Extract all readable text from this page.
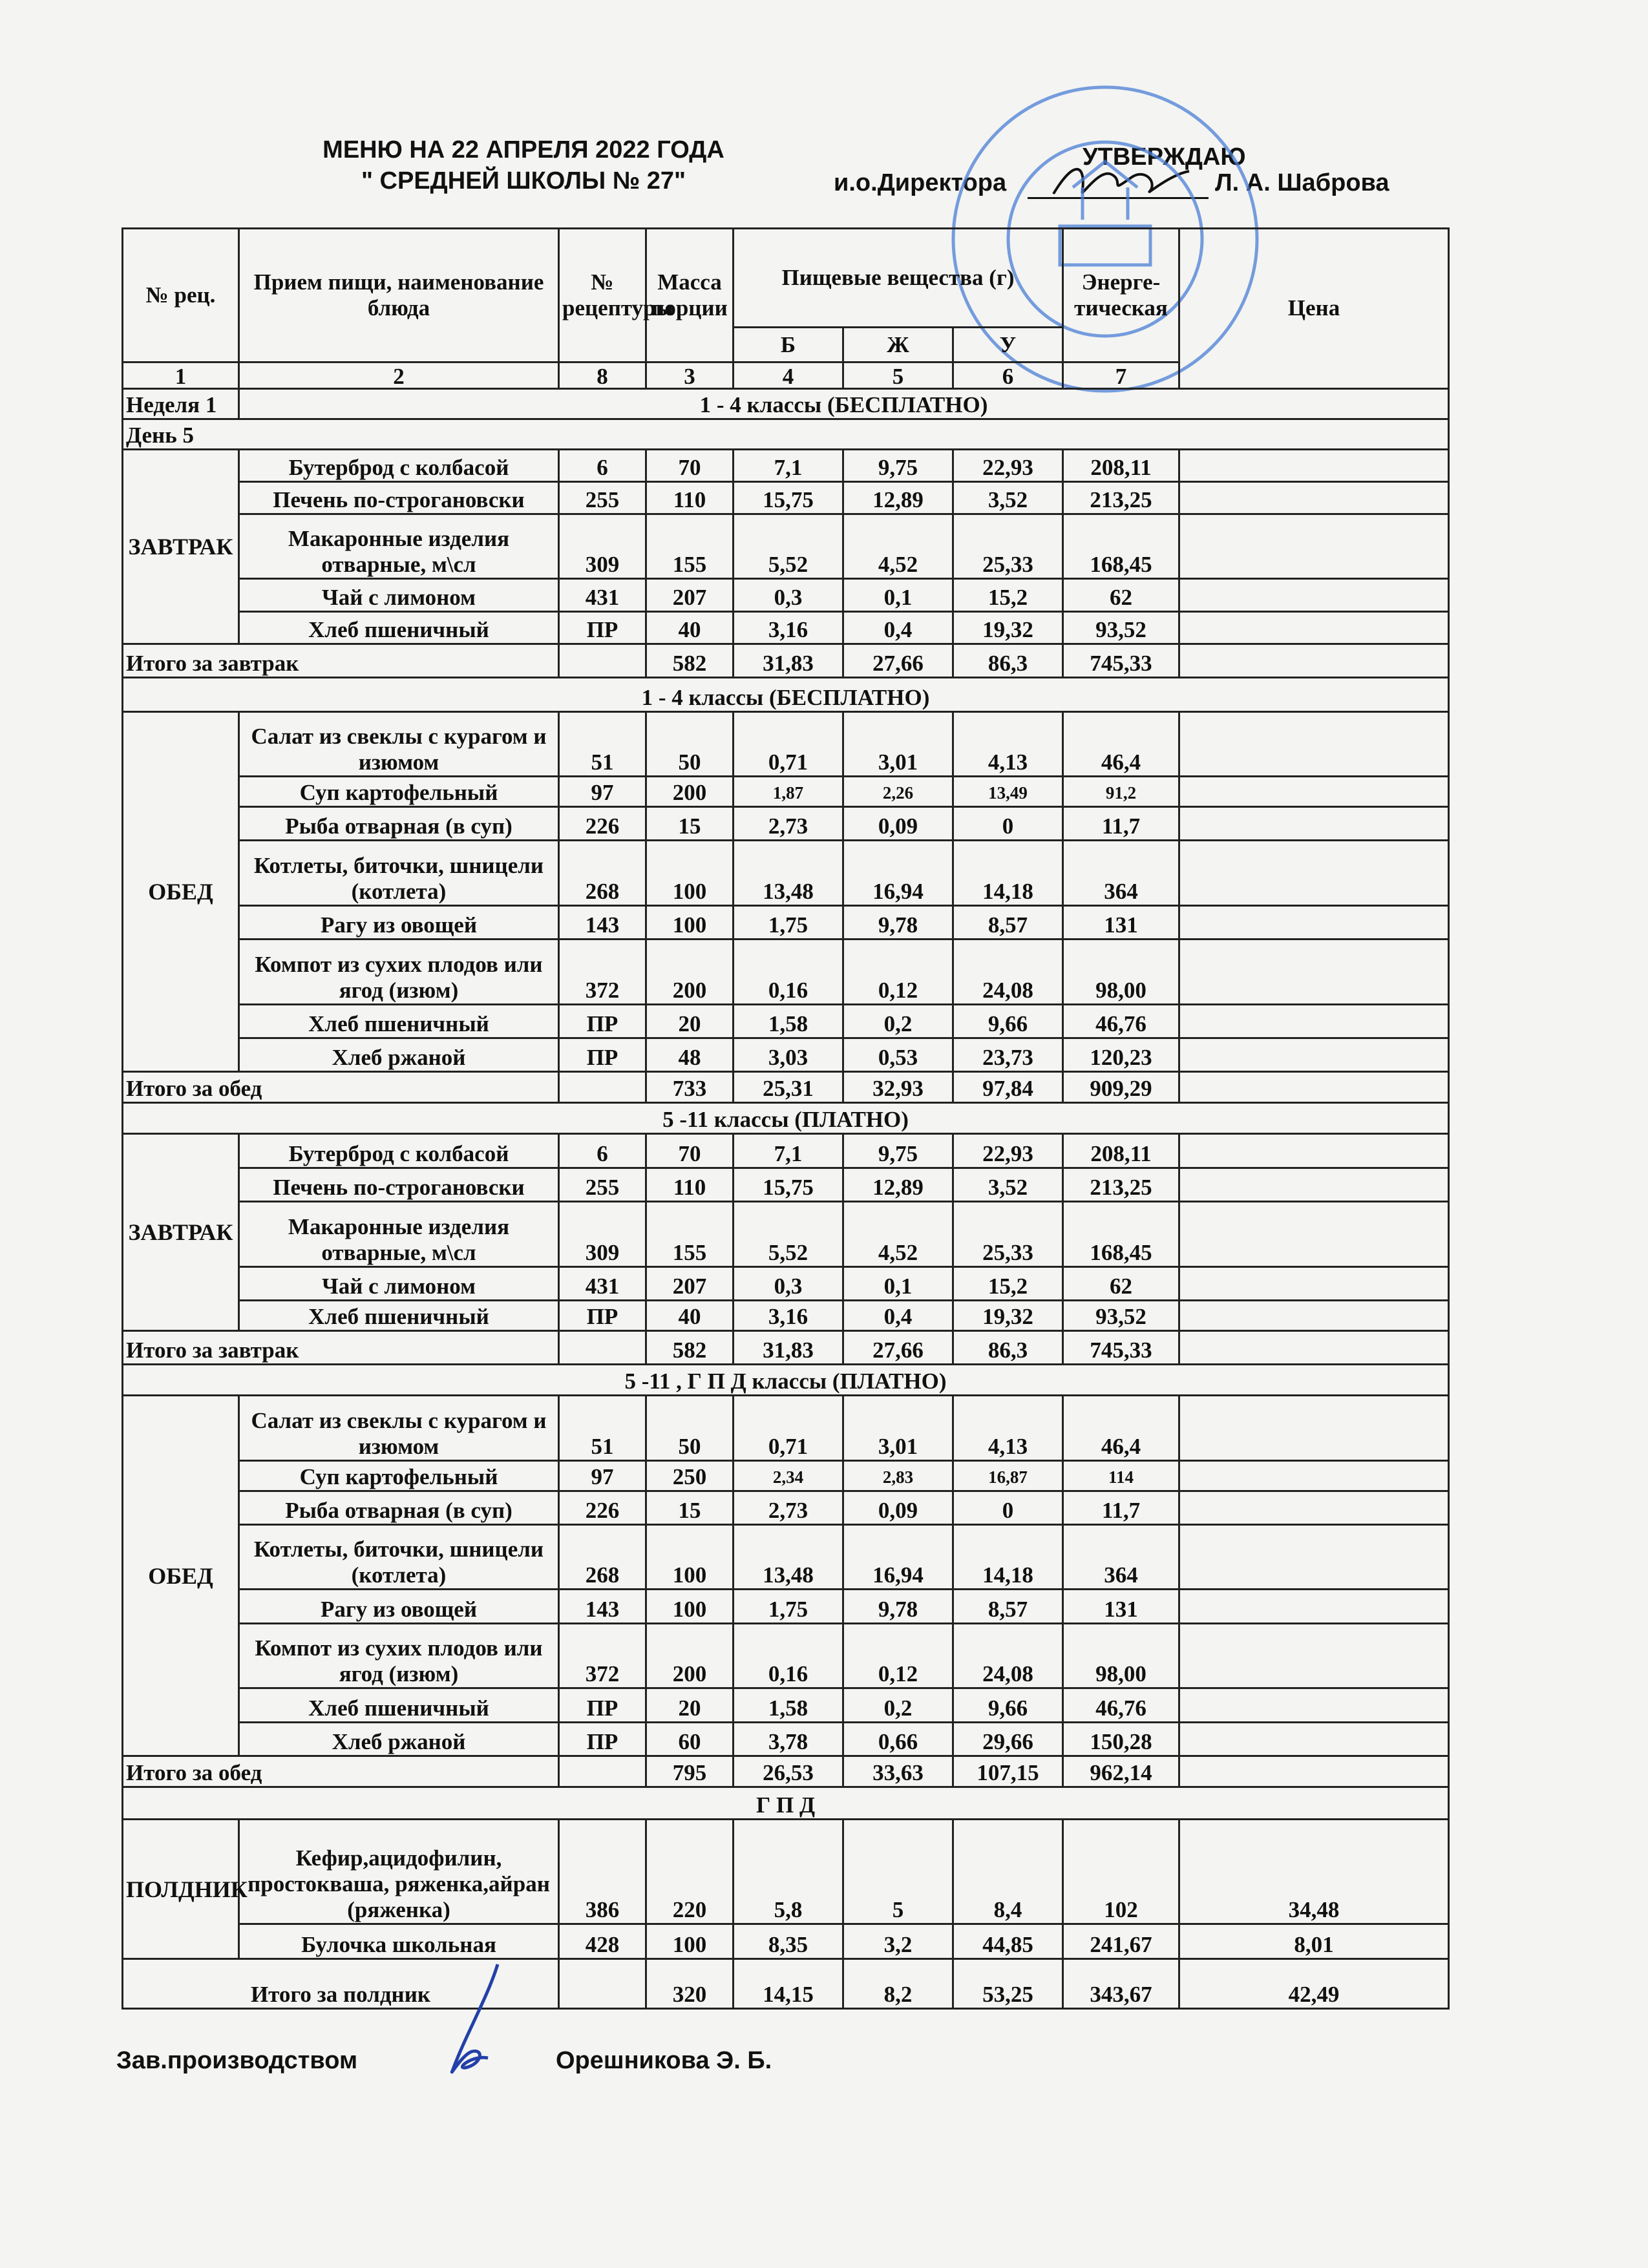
МЕНЮ НА 22 АПРЕЛЯ 2022 ГОДА
" СРЕДНЕЙ ШКОЛЫ № 27"
УТВЕРЖДАЮ
и.о.Директора	Л. А. Шаброва
№ рец.	Прием пищи, наименование блюда	№ рецептуры	Масса порции	Пищевые вещества (г)			Энерге-тическая	Цена
				Б	Ж	У		
1	2	8	3	4	5	6	7	
Неделя 1	1 - 4 классы (БЕСПЛАТНО)							
День 5								
ЗАВТРАК	Бутерброд с колбасой	6	70	7,1	9,75	22,93	208,11	
	Печень по-строгановски	255	110	15,75	12,89	3,52	213,25	
	Макаронные изделия отварные, м\сл	309	155	5,52	4,52	25,33	168,45	
	Чай с лимоном	431	207	0,3	0,1	15,2	62	
	Хлеб пшеничный	ПР	40	3,16	0,4	19,32	93,52	
Итого за завтрак			582	31,83	27,66	86,3	745,33	
1 - 4 классы (БЕСПЛАТНО)								
ОБЕД	Салат из свеклы с курагом и изюмом	51	50	0,71	3,01	4,13	46,4	
	Суп картофельный	97	200	1,87	2,26	13,49	91,2	
	Рыба отварная (в суп)	226	15	2,73	0,09	0	11,7	
	Котлеты, биточки, шницели (котлета)	268	100	13,48	16,94	14,18	364	
	Рагу из овощей	143	100	1,75	9,78	8,57	131	
	Компот из сухих плодов или ягод (изюм)	372	200	0,16	0,12	24,08	98,00	
	Хлеб пшеничный	ПР	20	1,58	0,2	9,66	46,76	
	Хлеб ржаной	ПР	48	3,03	0,53	23,73	120,23	
Итого за обед			733	25,31	32,93	97,84	909,29	
5 -11 классы (ПЛАТНО)								
ЗАВТРАК	Бутерброд с колбасой	6	70	7,1	9,75	22,93	208,11	
	Печень по-строгановски	255	110	15,75	12,89	3,52	213,25	
	Макаронные изделия отварные, м\сл	309	155	5,52	4,52	25,33	168,45	
	Чай с лимоном	431	207	0,3	0,1	15,2	62	
	Хлеб пшеничный	ПР	40	3,16	0,4	19,32	93,52	
Итого за завтрак			582	31,83	27,66	86,3	745,33	
5 -11 , Г П Д классы (ПЛАТНО)								
ОБЕД	Салат из свеклы с курагом и изюмом	51	50	0,71	3,01	4,13	46,4	
	Суп картофельный	97	250	2,34	2,83	16,87	114	
	Рыба отварная (в суп)	226	15	2,73	0,09	0	11,7	
	Котлеты, биточки, шницели (котлета)	268	100	13,48	16,94	14,18	364	
	Рагу из овощей	143	100	1,75	9,78	8,57	131	
	Компот из сухих плодов или ягод (изюм)	372	200	0,16	0,12	24,08	98,00	
	Хлеб пшеничный	ПР	20	1,58	0,2	9,66	46,76	
	Хлеб ржаной	ПР	60	3,78	0,66	29,66	150,28	
Итого за обед			795	26,53	33,63	107,15	962,14	
Г П Д								
ПОЛДНИК	Кефир,ацидофилин, простокваша, ряженка,айран (ряженка)	386	220	5,8	5	8,4	102	34,48
	Булочка школьная	428	100	8,35	3,2	44,85	241,67	8,01
Итого за полдник			320	14,15	8,2	53,25	343,67	42,49
Зав.производством	Орешникова Э. Б.
